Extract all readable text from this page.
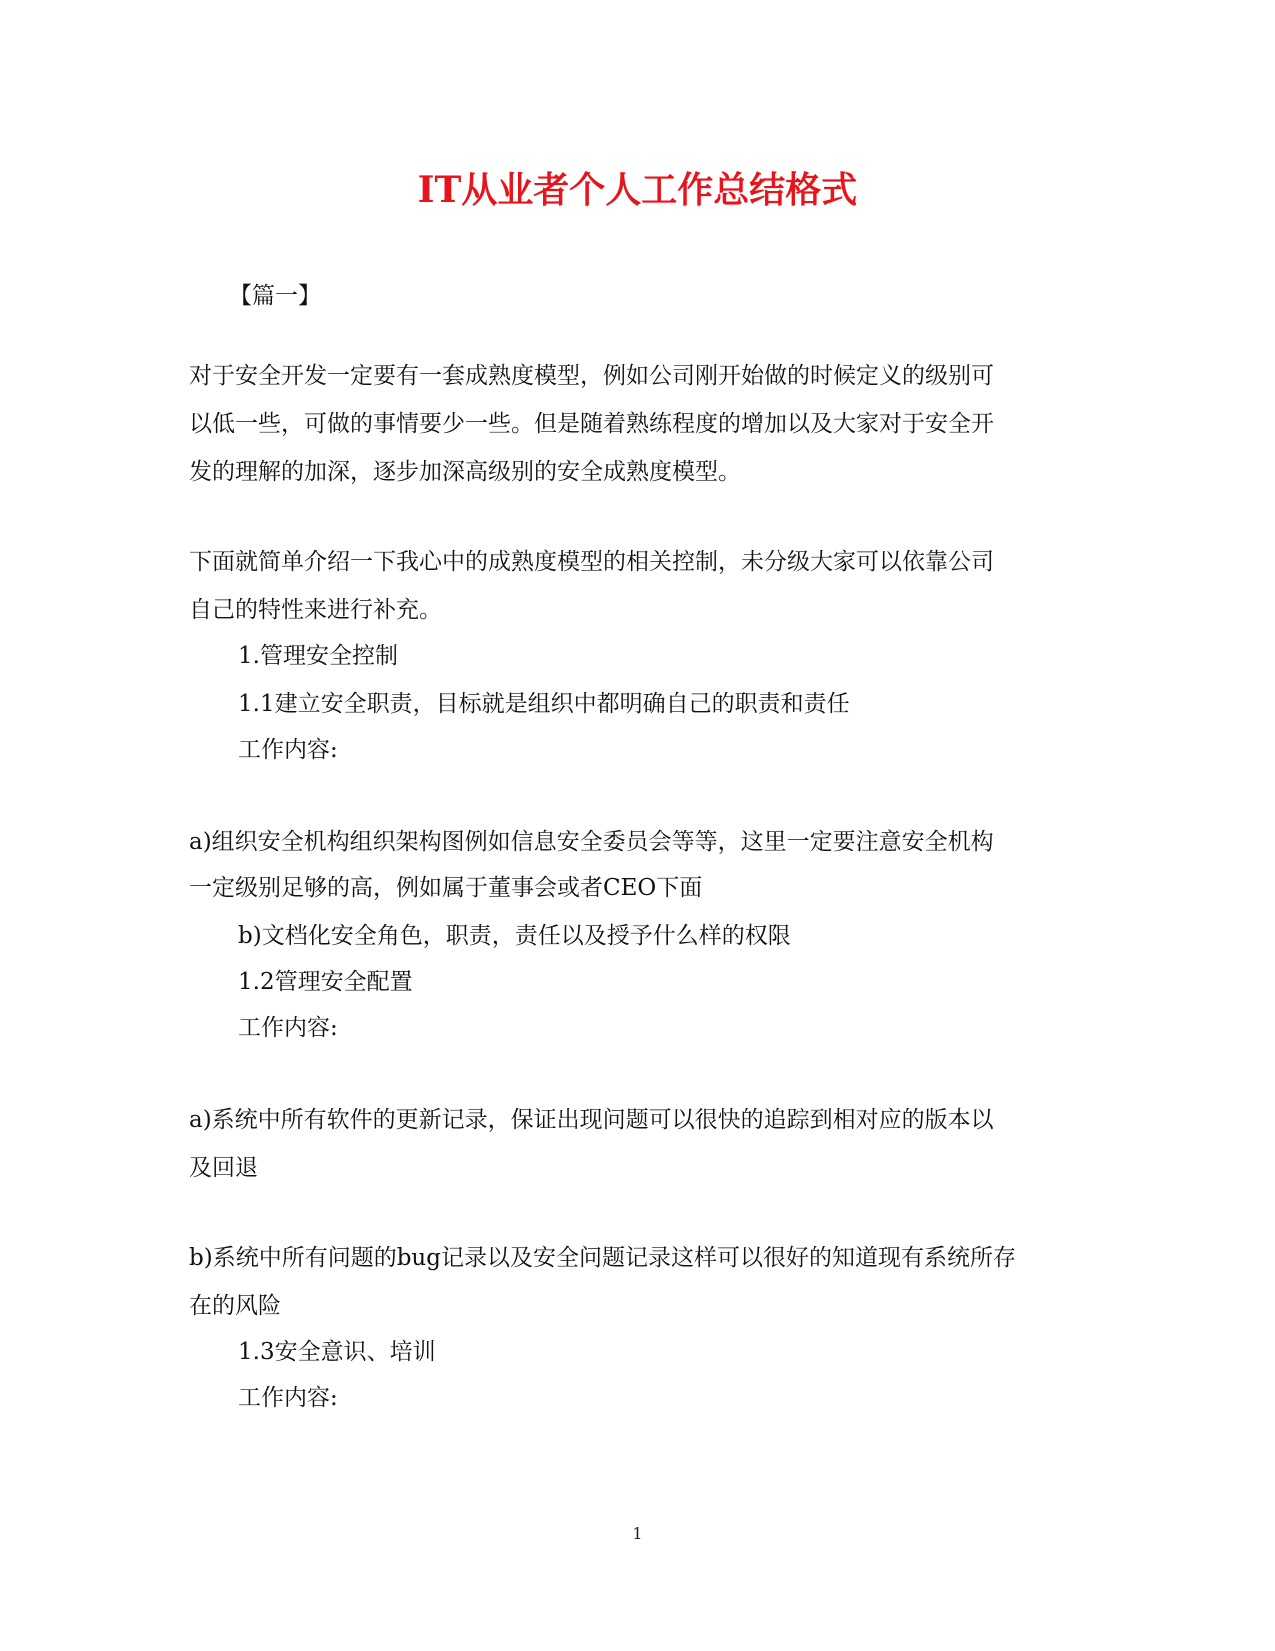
IT从业者个人工作总结格式

【篇一】

对于安全开发一定要有一套成熟度模型，例如公司刚开始做的时候定义的级别可

以低一些，可做的事情要少一些。但是随着熟练程度的增加以及大家对于安全开

发的理解的加深，逐步加深高级别的安全成熟度模型。

下面就简单介绍一下我心中的成熟度模型的相关控制，未分级大家可以依靠公司

自己的特性来进行补充。

1.管理安全控制

1.1建立安全职责，目标就是组织中都明确自己的职责和责任

工作内容:

a)组织安全机构组织架构图例如信息安全委员会等等，这里一定要注意安全机构

一定级别足够的高，例如属于董事会或者CEO下面

b)文档化安全角色，职责，责任以及授予什么样的权限

1.2管理安全配置

工作内容:

a)系统中所有软件的更新记录，保证出现问题可以很快的追踪到相对应的版本以

及回退

b)系统中所有问题的bug记录以及安全问题记录这样可以很好的知道现有系统所存

在的风险

1.3安全意识、培训

工作内容:

1
